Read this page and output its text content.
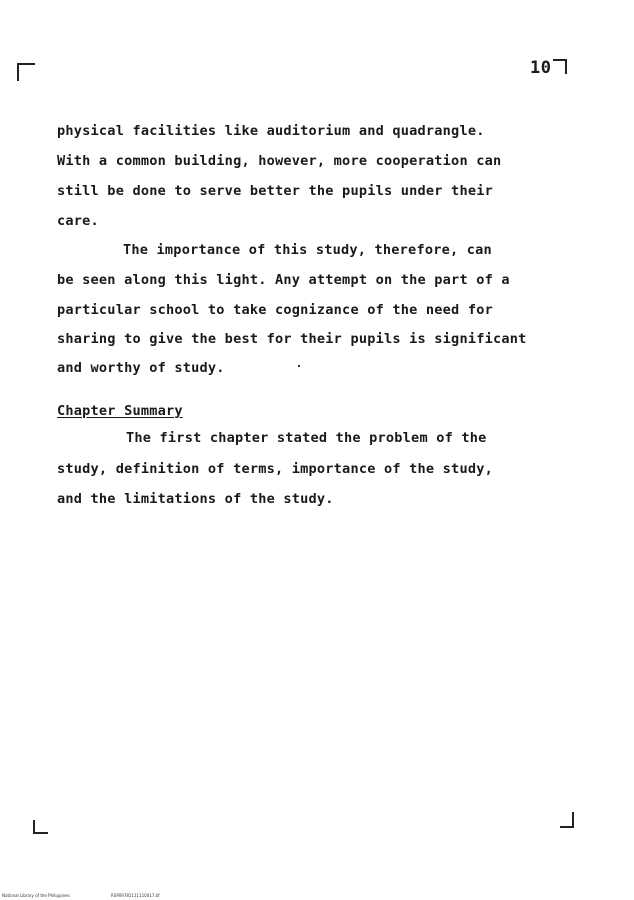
10
physical facilities like auditorium and quadrangle.
With a common building, however, more cooperation can
still be done to serve better the pupils under their
care.
The importance of this study, therefore, can
be seen along this light. Any attempt on the part of a
particular school to take cognizance of the need for
sharing to give the best for their pupils is significant
and worthy of study.
Chapter Summary
The first chapter stated the problem of the
study, definition of terms, importance of the study,
and the limitations of the study.
National Library of the Philippines	RSP09781111110017.tif
